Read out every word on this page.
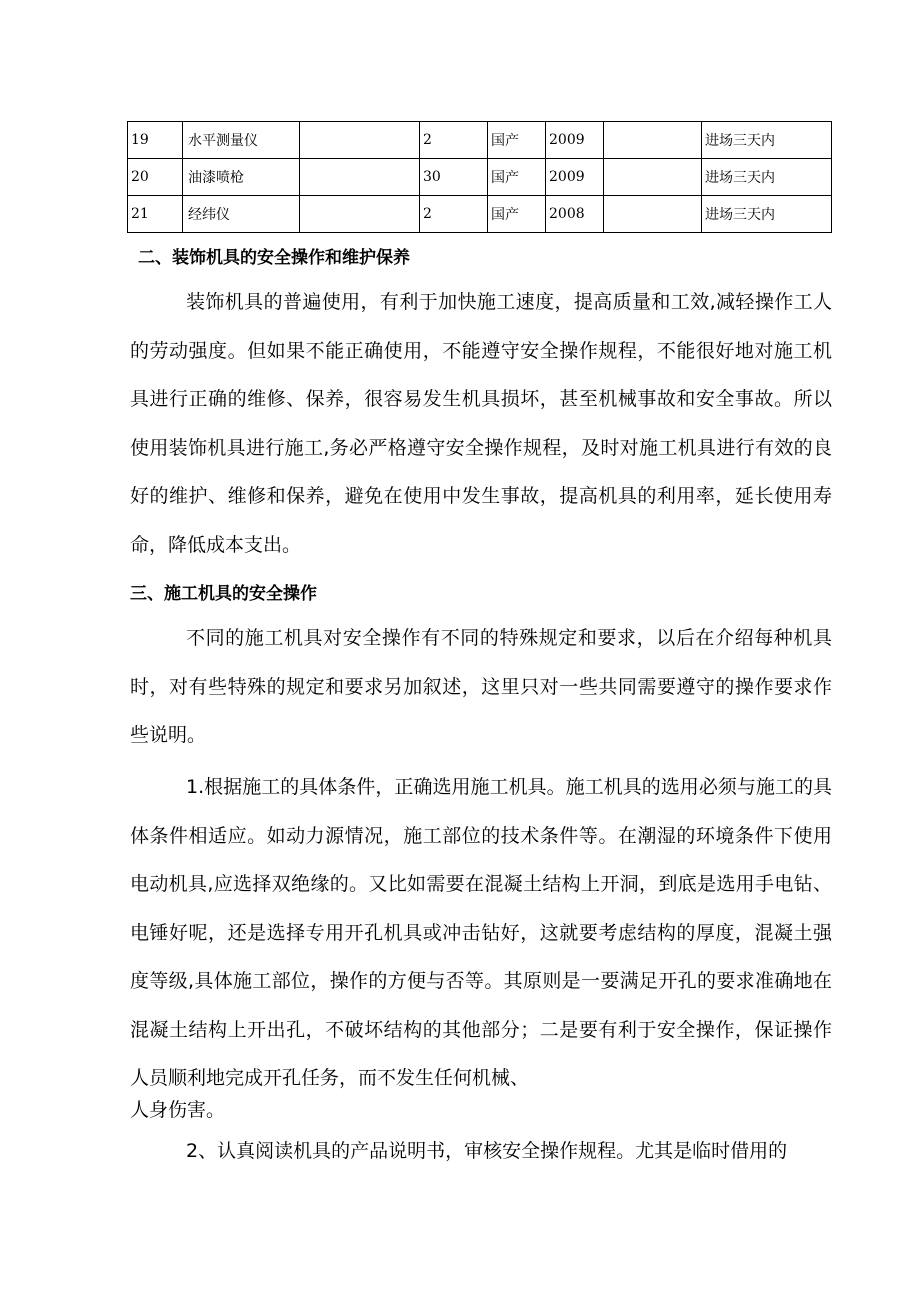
19	水平测量仪		2	国产	2009		进场三天内
20	油漆喷枪		30	国产	2009		进场三天内
21	经纬仪		2	国产	2008		进场三天内
二、装饰机具的安全操作和维护保养

装饰机具的普遍使用，有利于加快施工速度，提高质量和工效,减轻操作工人的劳动强度。但如果不能正确使用，不能遵守安全操作规程，不能很好地对施工机具进行正确的维修、保养，很容易发生机具损坏，甚至机械事故和安全事故。所以使用装饰机具进行施工,务必严格遵守安全操作规程，及时对施工机具进行有效的良好的维护、维修和保养，避免在使用中发生事故，提高机具的利用率，延长使用寿命，降低成本支出。

三、施工机具的安全操作

不同的施工机具对安全操作有不同的特殊规定和要求，以后在介绍每种机具时，对有些特殊的规定和要求另加叙述，这里只对一些共同需要遵守的操作要求作些说明。

1.根据施工的具体条件，正确选用施工机具。施工机具的选用必须与施工的具体条件相适应。如动力源情况，施工部位的技术条件等。在潮湿的环境条件下使用电动机具,应选择双绝缘的。又比如需要在混凝土结构上开洞，到底是选用手电钻、电锤好呢，还是选择专用开孔机具或冲击钻好，这就要考虑结构的厚度，混凝土强度等级,具体施工部位，操作的方便与否等。其原则是一要满足开孔的要求准确地在混凝土结构上开出孔，不破坏结构的其他部分；二是要有利于安全操作，保证操作人员顺利地完成开孔任务，而不发生任何机械、

人身伤害。

2、认真阅读机具的产品说明书，审核安全操作规程。尤其是临时借用的
